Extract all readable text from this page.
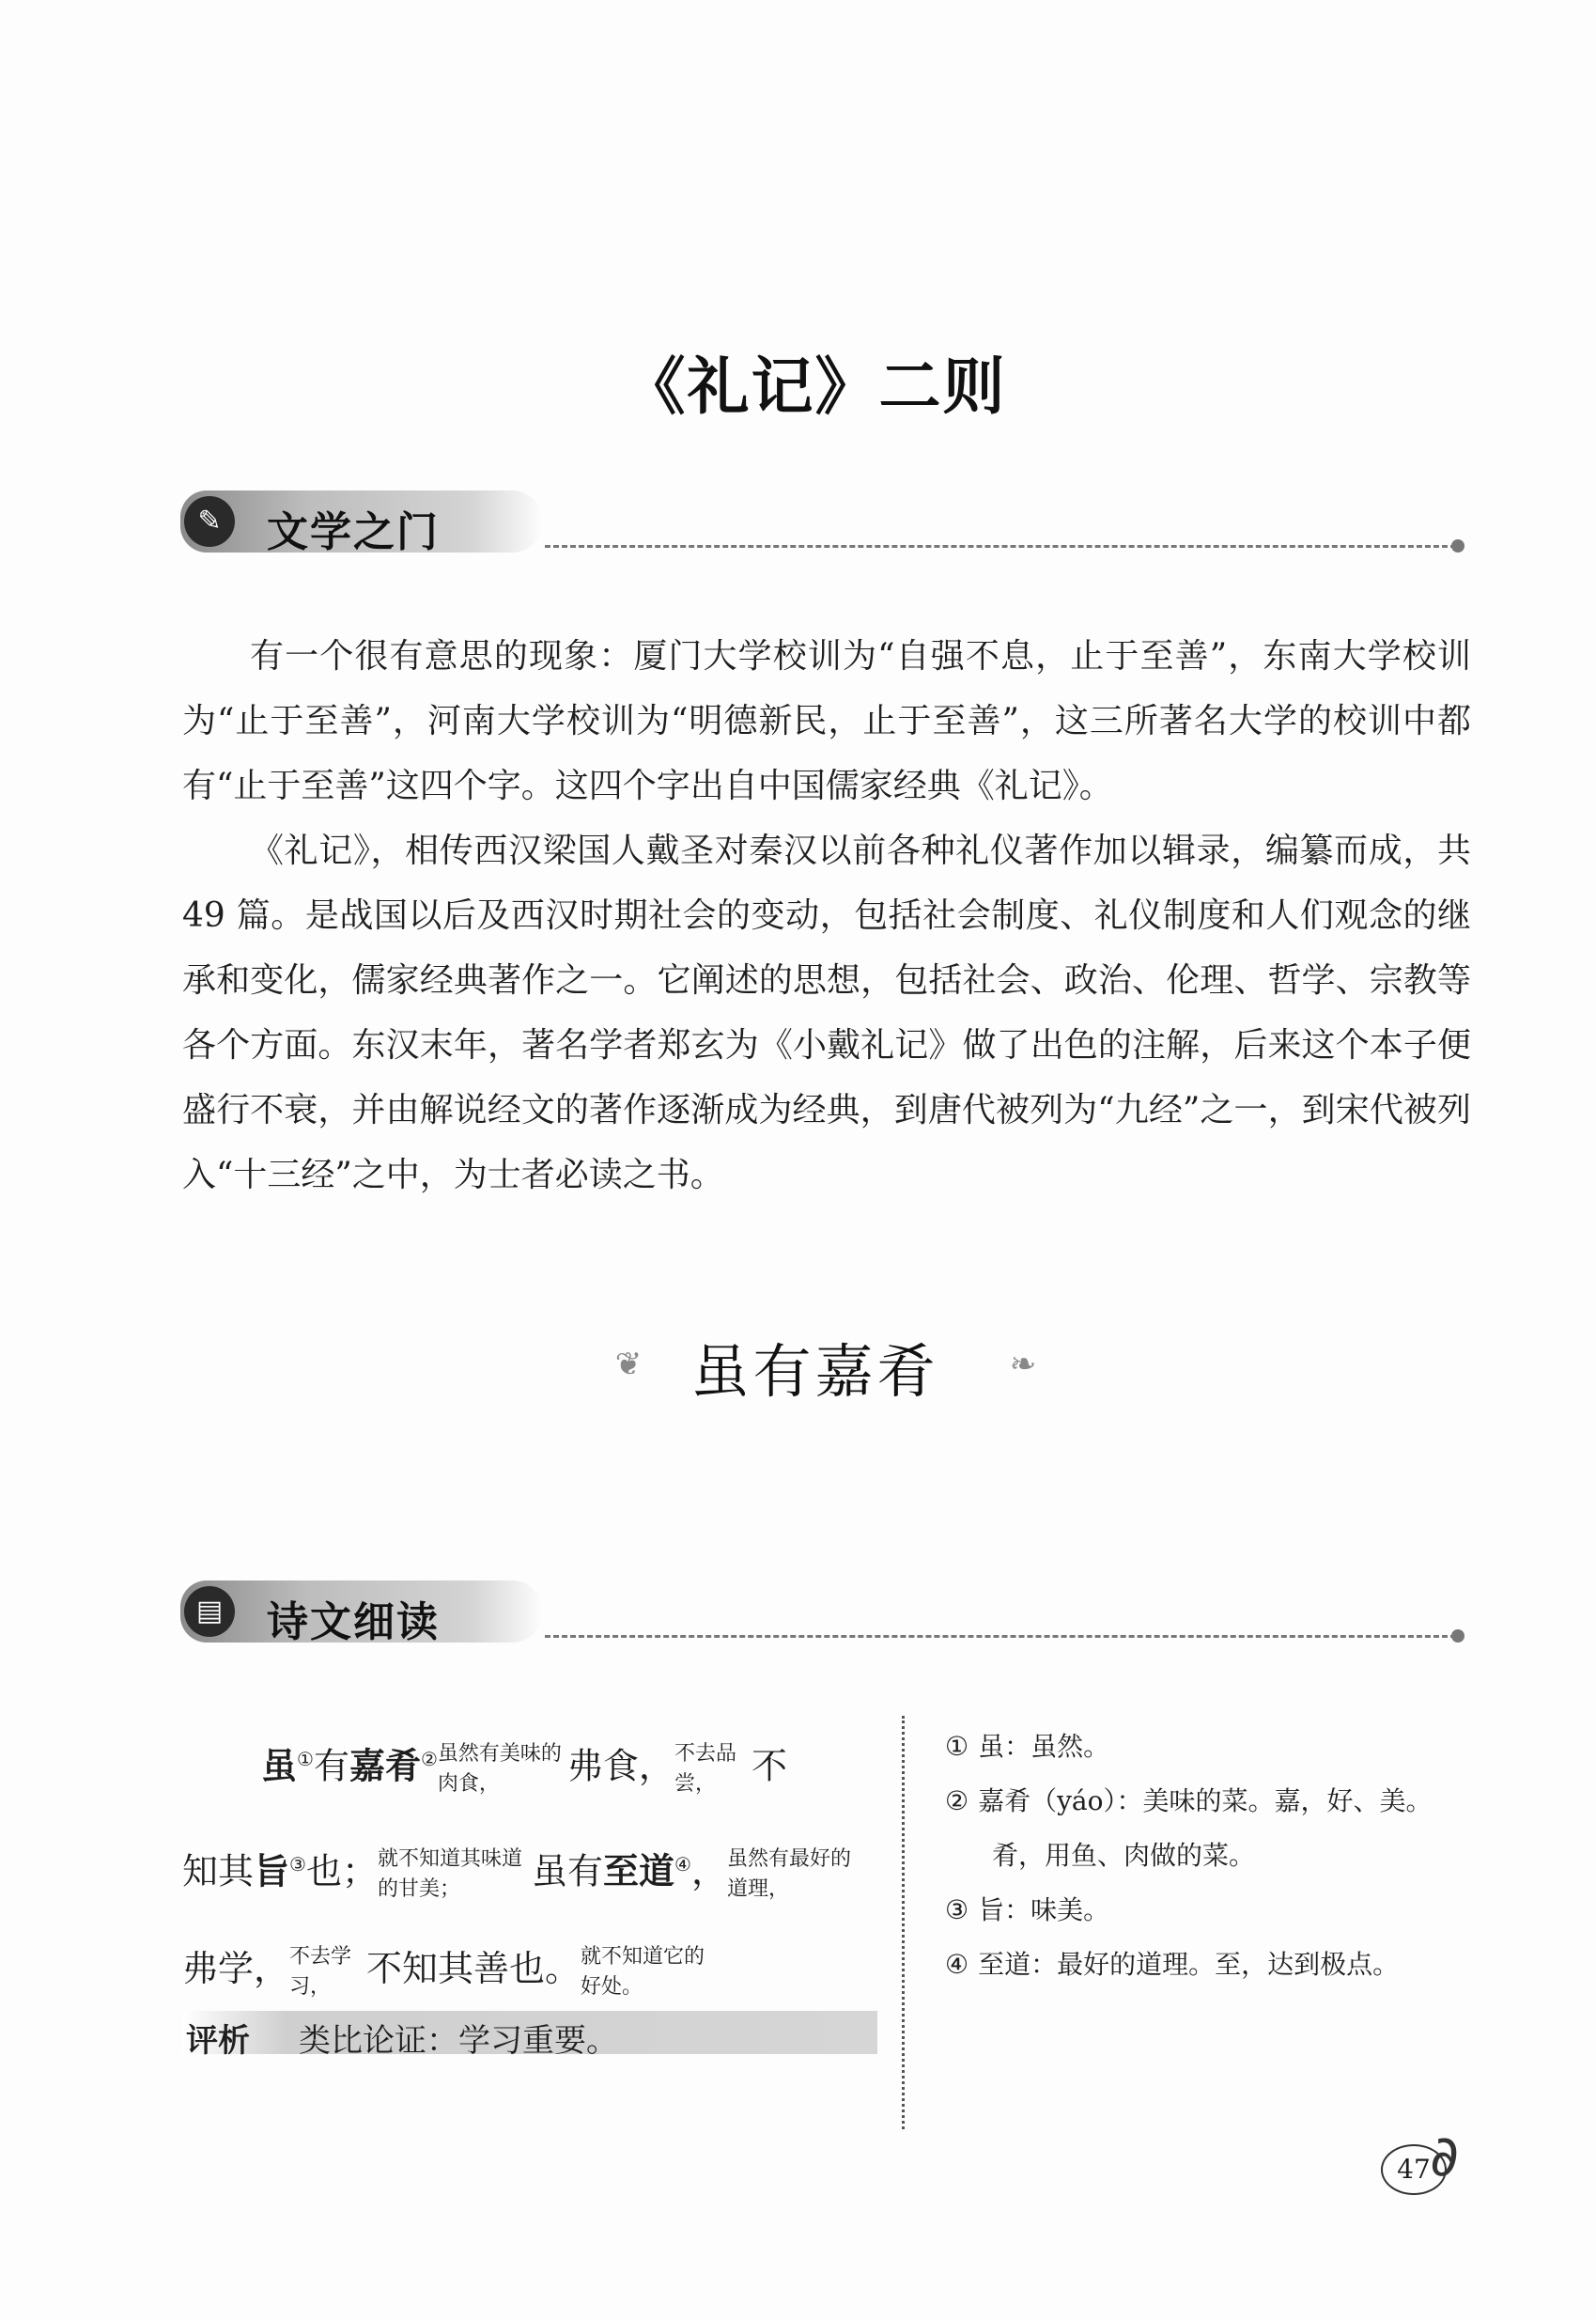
《礼记》二则
✎	文学之门

有一个很有意思的现象：厦门大学校训为“自强不息，止于至善”，东南大学校训为“止于至善”，河南大学校训为“明德新民，止于至善”，这三所著名大学的校训中都有“止于至善”这四个字。这四个字出自中国儒家经典《礼记》。

《礼记》，相传西汉梁国人戴圣对秦汉以前各种礼仪著作加以辑录，编纂而成，共 49 篇。是战国以后及西汉时期社会的变动，包括社会制度、礼仪制度和人们观念的继承和变化，儒家经典著作之一。它阐述的思想，包括社会、政治、伦理、哲学、宗教等各个方面。东汉末年，著名学者郑玄为《小戴礼记》做了出色的注解，后来这个本子便盛行不衰，并由解说经文的著作逐渐成为经典，到唐代被列为“九经”之一，到宋代被列入“十三经”之中，为士者必读之书。

❦ 虽有嘉肴	❧
▤ 诗文细读
虽①有嘉肴②虽然有美味的肉食， 弗食，不去品尝， 不
知其旨③也；就不知道其味道的甘美； 虽有至道④，虽然有最好的道理，
弗学，不去学习， 不知其善也。就不知道它的好处。
评析 类比论证：学习重要。
① 虽：虽然。
② 嘉肴（yáo）：美味的菜。嘉，好、美。
肴，用鱼、肉做的菜。
③ 旨：味美。
④ 至道：最好的道理。至，达到极点。
47 ∂
